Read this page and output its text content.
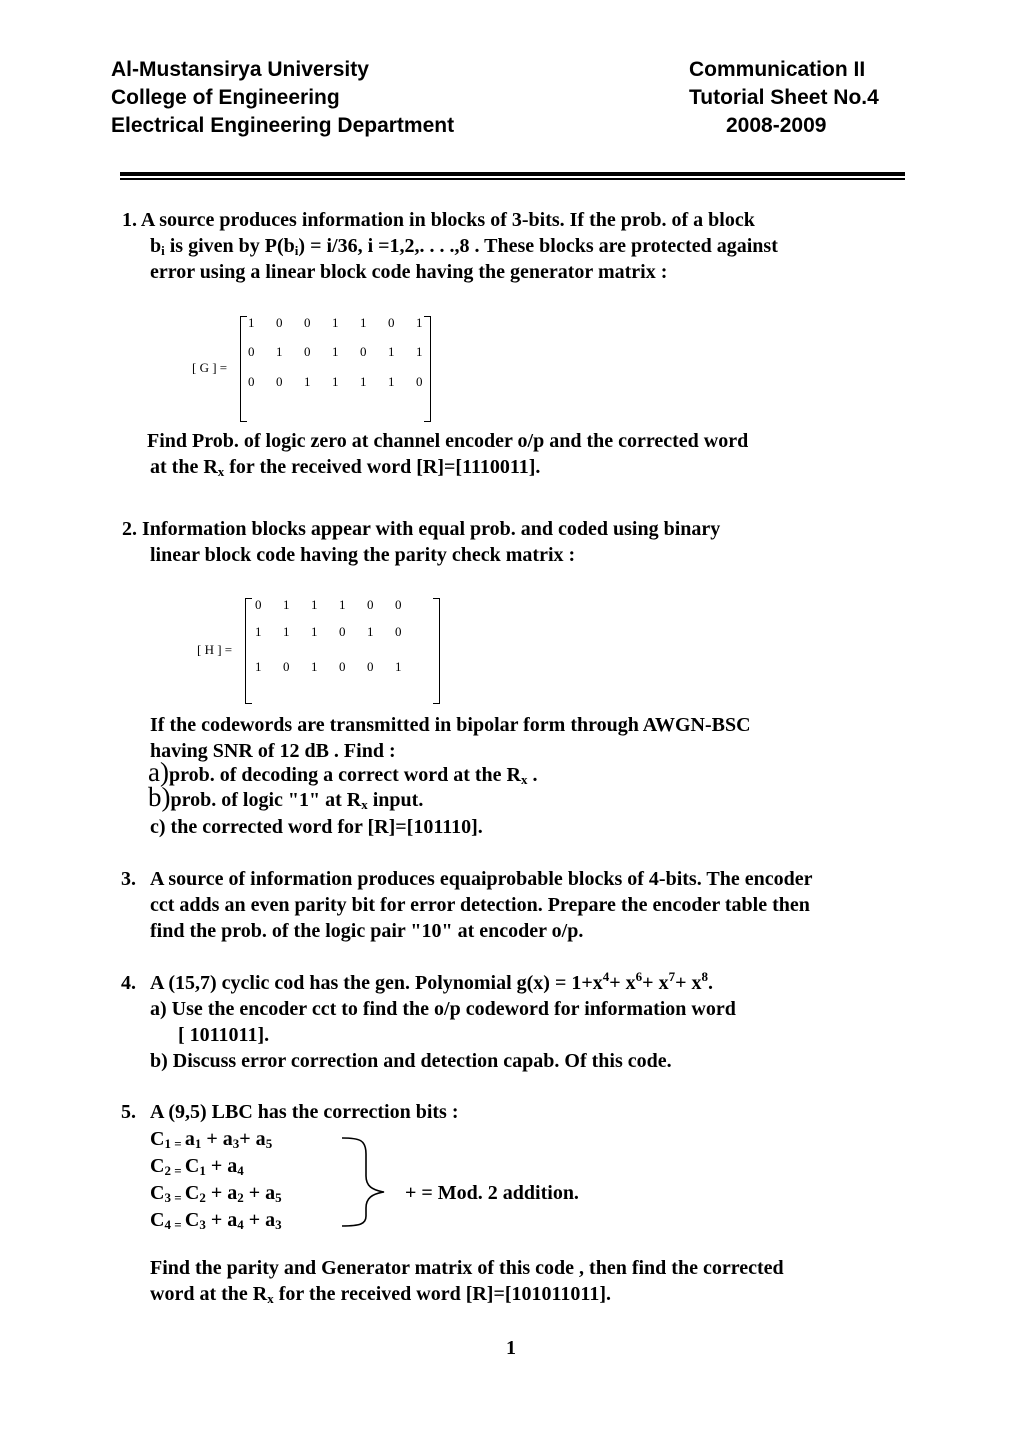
Al-Mustansirya University
College of Engineering
Electrical Engineering Department
Communication II
Tutorial Sheet No.4
2008-2009
1. A source produces information in blocks of 3-bits. If the prob. of a block
$b_i$ is given by $P(b_i) = i/36$, i =1,2,. . . .,8 . These blocks are protected against
error using a linear block code having the generator matrix :
[ G ] =
1 0 0 1 1 0 1
0 1 0 1 0 1 1
0 0 1 1 1 1 0
Find Prob. of logic zero at channel encoder o/p and the corrected word
at the $R_x$ for the received word [R]=[1110011].
2. Information blocks appear with equal prob. and coded using binary
linear block code having the parity check matrix :
[ H ] =
0 1 1 1 0 0
1 1 1 0 1 0
1 0 1 0 0 1
If the codewords are transmitted in bipolar form through AWGN-BSC
having SNR of 12 dB . Find :
a)prob. of decoding a correct word at the $R_x$ .
b)prob. of logic "1" at $R_x$ input.
c) the corrected word for [R]=[101110].
3. A source of information produces equaiprobable blocks of 4-bits. The encoder
cct adds an even parity bit for error detection. Prepare the encoder table then
find the prob. of the logic pair "10" at encoder o/p.
4. A (15,7) cyclic cod has the gen. Polynomial $g(x) = 1+x^4+ x^6+ x^7+ x^8$.
a) Use the encoder cct to find the o/p codeword for information word
[ 1011011].
b) Discuss error correction and detection capab. Of this code.
5. A (9,5) LBC has the correction bits :
$C_1$ $_=$ $a_1 + a_3+ a_5$
$C_2$ $_=$ $C_1 + a_4$
$C_3$ $_=$ $C_2 + a_2 + a_5$
$C_4$ $_=$ $C_3 + a_4 + a_3$
+ = Mod. 2 addition.
Find the parity and Generator matrix of this code , then find the corrected
word at the $R_x$ for the received word [R]=[101011011].
1
